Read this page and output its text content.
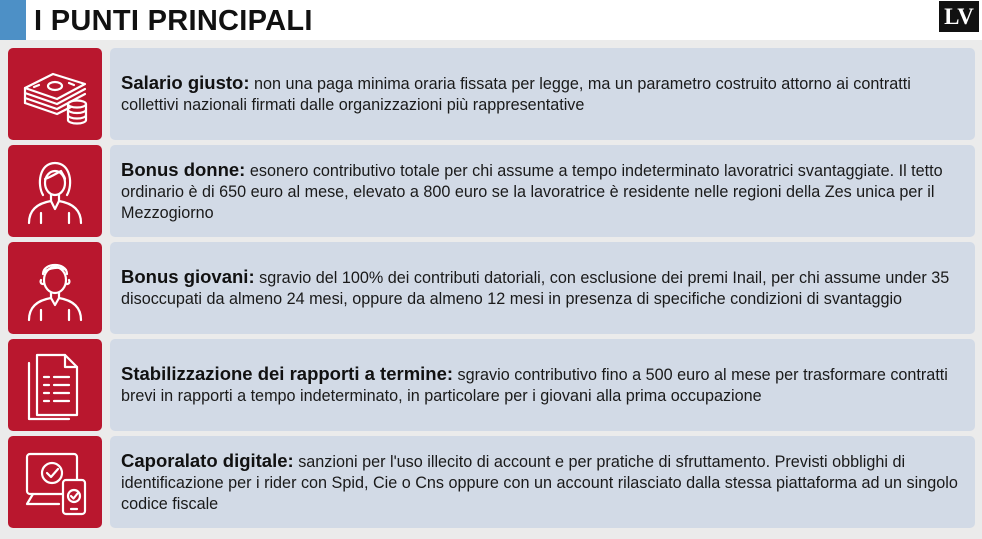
I PUNTI PRINCIPALI	LV
Salario giusto: non una paga minima oraria fissata per legge, ma un parametro costruito attorno ai contratti collettivi nazionali firmati dalle organizzazioni più rappresentative
Bonus donne: esonero contributivo totale per chi assume a tempo indeterminato lavoratrici svantaggiate. Il tetto ordinario è di 650 euro al mese, elevato a 800 euro se la lavoratrice è residente nelle regioni della Zes unica per il Mezzogiorno
Bonus giovani: sgravio del 100% dei contributi datoriali, con esclusione dei premi Inail, per chi assume under 35 disoccupati da almeno 24 mesi, oppure da almeno 12 mesi in presenza di specifiche condizioni di svantaggio
Stabilizzazione dei rapporti a termine: sgravio contributivo fino a 500 euro al mese per trasformare contratti brevi in rapporti a tempo indeterminato, in particolare per i giovani alla prima occupazione
Caporalato digitale: sanzioni per l'uso illecito di account e per pratiche di sfruttamento. Previsti obblighi di identificazione per i rider con Spid, Cie o Cns oppure con un account rilasciato dalla stessa piattaforma ad un singolo codice fiscale
